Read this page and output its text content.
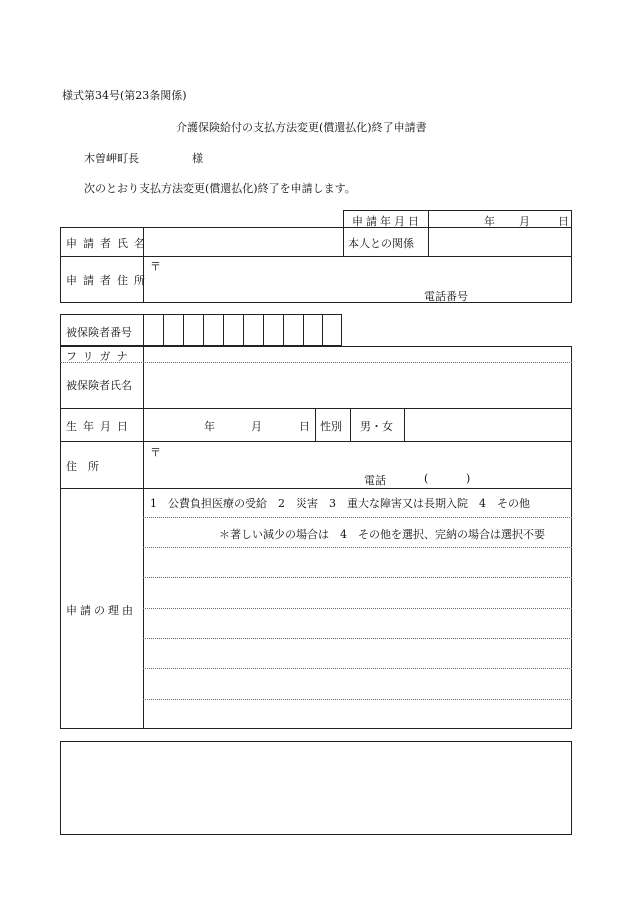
様式第34号(第23条関係)
介護保険給付の支払方法変更(償還払化)終了申請書
木曽岬町長	様
次のとおり支払方法変更(償還払化)終了を申請します。
申請年月日	年 月	日
申請者氏名	本人との関係
申請者住所
〒
電話番号
被保険者番号
フリガナ
被保険者氏名
生年月日	年	月	日 性別 男・女
住　所
〒
電話	(	)
申請の理由
1　公費負担医療の受給　2　災害　3　重大な障害又は長期入院　4　その他
＊著しい減少の場合は　4　その他を選択、完納の場合は選択不要
